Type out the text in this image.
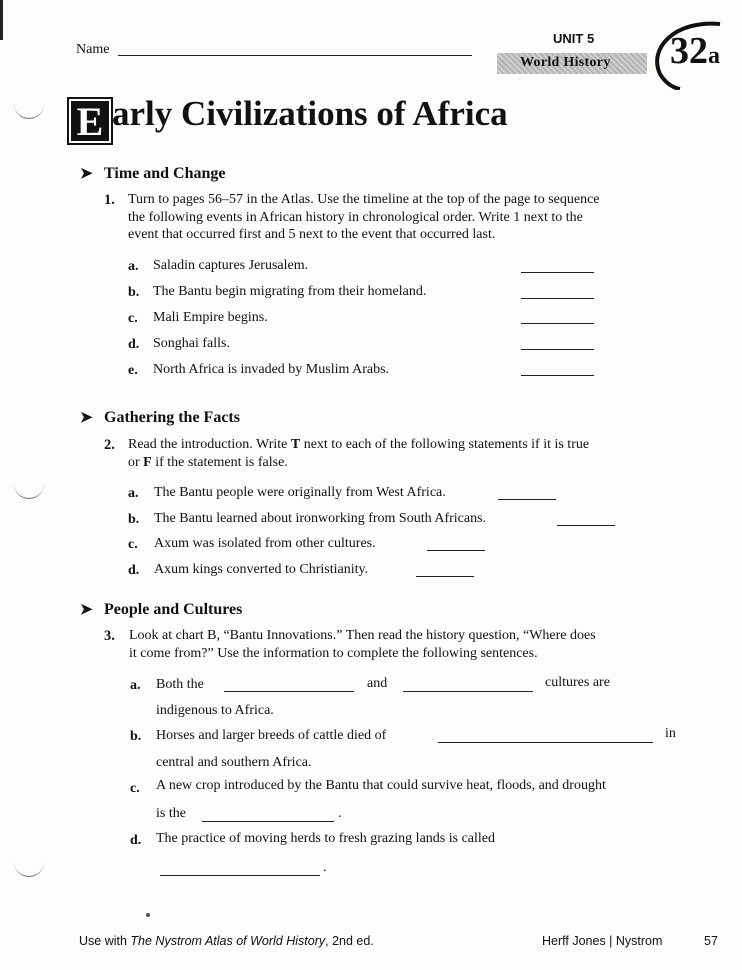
Name
UNIT 5
World History 32a
E arly Civilizations of Africa
➤ Time and Change
1. Turn to pages 56–57 in the Atlas. Use the timeline at the top of the page to sequence
the following events in African history in chronological order. Write 1 next to the
event that occurred first and 5 next to the event that occurred last.
a. Saladin captures Jerusalem.
b. The Bantu begin migrating from their homeland.
c. Mali Empire begins.
d. Songhai falls.
e. North Africa is invaded by Muslim Arabs.
➤ Gathering the Facts
2. Read the introduction. Write T next to each of the following statements if it is true
or F if the statement is false.
a. The Bantu people were originally from West Africa.
b. The Bantu learned about ironworking from South Africans.
c. Axum was isolated from other cultures.
d. Axum kings converted to Christianity.
➤ People and Cultures
3. Look at chart B, “Bantu Innovations.” Then read the history question, “Where does
it come from?” Use the information to complete the following sentences.
a. Both the	and	cultures are
indigenous to Africa.
b. Horses and larger breeds of cattle died of	in
central and southern Africa.
c. A new crop introduced by the Bantu that could survive heat, floods, and drought
is the	.
d. The practice of moving herds to fresh grazing lands is called
.
Use with The Nystrom Atlas of World History, 2nd ed.	Herff Jones | Nystrom	57
